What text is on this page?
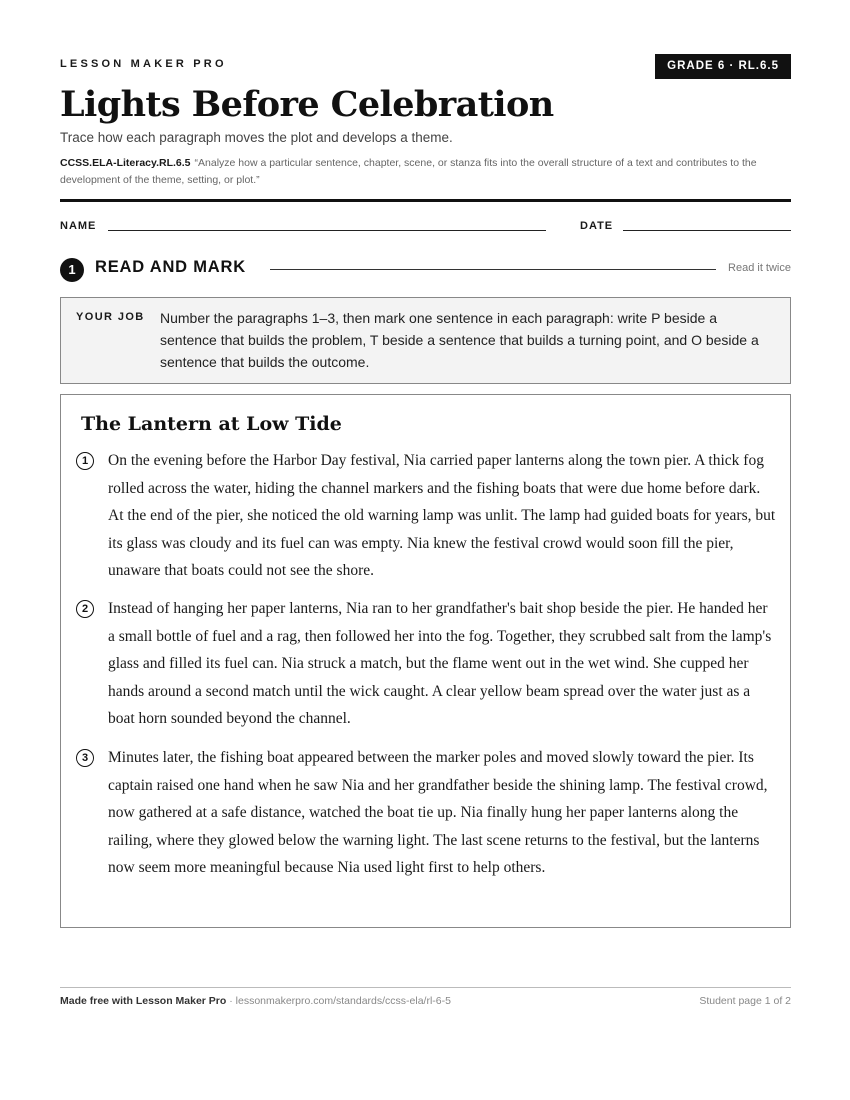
LESSON MAKER PRO	GRADE 6 · RL.6.5
Lights Before Celebration
Trace how each paragraph moves the plot and develops a theme.
CCSS.ELA-Literacy.RL.6.5 “Analyze how a particular sentence, chapter, scene, or stanza fits into the overall structure of a text and contributes to the development of the theme, setting, or plot.”
NAME	DATE
1	READ AND MARK	Read it twice
YOUR JOB Number the paragraphs 1–3, then mark one sentence in each paragraph: write P beside a sentence that builds the problem, T beside a sentence that builds a turning point, and O beside a sentence that builds the outcome.
The Lantern at Low Tide
1	On the evening before the Harbor Day festival, Nia carried paper lanterns along the town pier. A thick fog rolled across the water, hiding the channel markers and the fishing boats that were due home before dark. At the end of the pier, she noticed the old warning lamp was unlit. The lamp had guided boats for years, but its glass was cloudy and its fuel can was empty. Nia knew the festival crowd would soon fill the pier, unaware that boats could not see the shore.
2	Instead of hanging her paper lanterns, Nia ran to her grandfather's bait shop beside the pier. He handed her a small bottle of fuel and a rag, then followed her into the fog. Together, they scrubbed salt from the lamp's glass and filled its fuel can. Nia struck a match, but the flame went out in the wet wind. She cupped her hands around a second match until the wick caught. A clear yellow beam spread over the water just as a boat horn sounded beyond the channel.
3	Minutes later, the fishing boat appeared between the marker poles and moved slowly toward the pier. Its captain raised one hand when he saw Nia and her grandfather beside the shining lamp. The festival crowd, now gathered at a safe distance, watched the boat tie up. Nia finally hung her paper lanterns along the railing, where they glowed below the warning light. The last scene returns to the festival, but the lanterns now seem more meaningful because Nia used light first to help others.
Made free with Lesson Maker Pro · lessonmakerpro.com/standards/ccss-ela/rl-6-5	Student page 1 of 2
